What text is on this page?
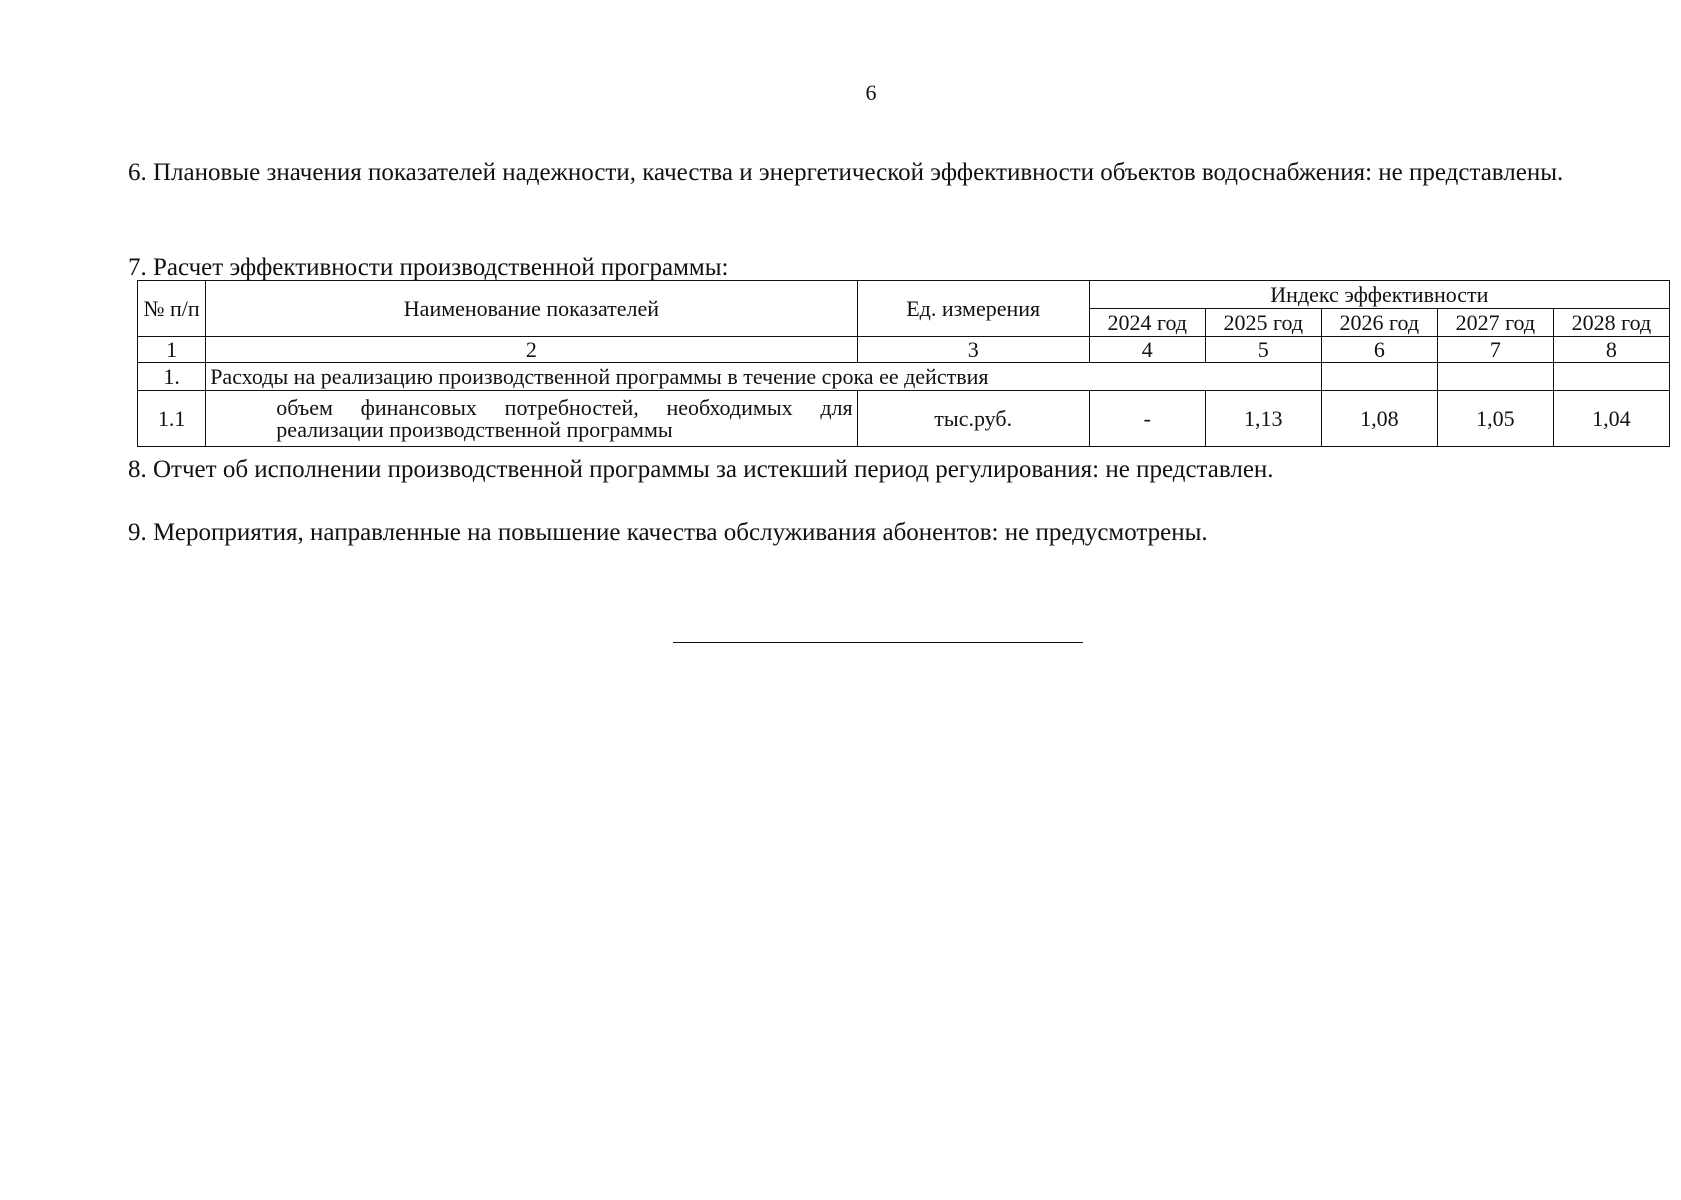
6
6. Плановые значения показателей надежности, качества и энергетической эффективности объектов водоснабжения: не представлены.
7. Расчет эффективности производственной программы:
№ п/п	Наименование показателей	Ед. измерения	Индекс эффективности				
			2024 год	2025 год	2026 год	2027 год	2028 год
1	2	3	4	5	6	7	8
1.	Расходы на реализацию производственной программы в течение срока ее действия						
1.1	объем финансовых потребностей, необходимых для реализации производственной программы	тыс.руб.	-	1,13	1,08	1,05	1,04
8. Отчет об исполнении производственной программы за истекший период регулирования: не представлен.
9. Мероприятия, направленные на повышение качества обслуживания абонентов: не предусмотрены.
